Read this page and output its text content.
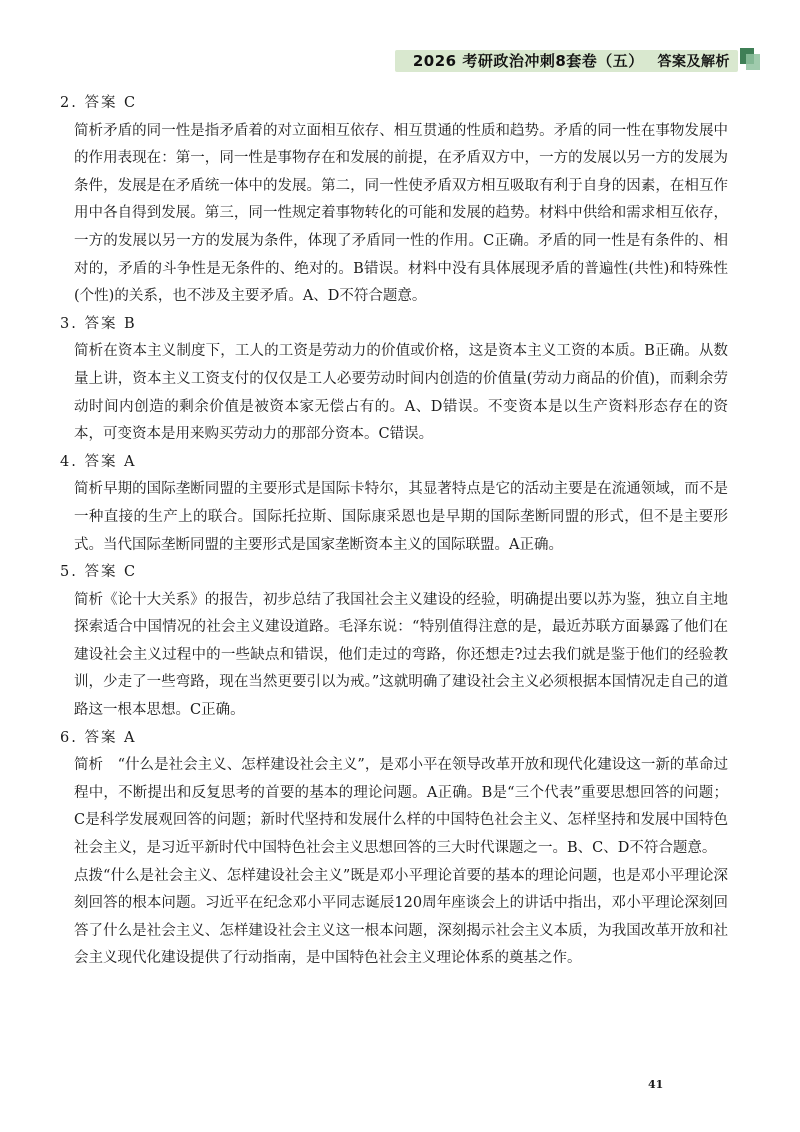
2026 考研政治冲刺8套卷（五） 答案及解析

2. 答案 C

简析矛盾的同一性是指矛盾着的对立面相互依存、相互贯通的性质和趋势。矛盾的同一性在事物发展中的作用表现在：第一，同一性是事物存在和发展的前提，在矛盾双方中，一方的发展以另一方的发展为条件，发展是在矛盾统一体中的发展。第二，同一性使矛盾双方相互吸取有利于自身的因素，在相互作用中各自得到发展。第三，同一性规定着事物转化的可能和发展的趋势。材料中供给和需求相互依存，一方的发展以另一方的发展为条件，体现了矛盾同一性的作用。C正确。矛盾的同一性是有条件的、相对的，矛盾的斗争性是无条件的、绝对的。B错误。材料中没有具体展现矛盾的普遍性(共性)和特殊性(个性)的关系，也不涉及主要矛盾。A、D不符合题意。

3. 答案 B

简析在资本主义制度下，工人的工资是劳动力的价值或价格，这是资本主义工资的本质。B正确。从数量上讲，资本主义工资支付的仅仅是工人必要劳动时间内创造的价值量(劳动力商品的价值)，而剩余劳动时间内创造的剩余价值是被资本家无偿占有的。A、D错误。不变资本是以生产资料形态存在的资本，可变资本是用来购买劳动力的那部分资本。C错误。

4. 答案 A

简析早期的国际垄断同盟的主要形式是国际卡特尔，其显著特点是它的活动主要是在流通领域，而不是一种直接的生产上的联合。国际托拉斯、国际康采恩也是早期的国际垄断同盟的形式，但不是主要形式。当代国际垄断同盟的主要形式是国家垄断资本主义的国际联盟。A正确。

5. 答案 C

简析《论十大关系》的报告，初步总结了我国社会主义建设的经验，明确提出要以苏为鉴，独立自主地探索适合中国情况的社会主义建设道路。毛泽东说：“特别值得注意的是，最近苏联方面暴露了他们在建设社会主义过程中的一些缺点和错误，他们走过的弯路，你还想走?过去我们就是鉴于他们的经验教训，少走了一些弯路，现在当然更要引以为戒。”这就明确了建设社会主义必须根据本国情况走自己的道路这一根本思想。C正确。

6. 答案 A

简析　“什么是社会主义、怎样建设社会主义”，是邓小平在领导改革开放和现代化建设这一新的革命过程中，不断提出和反复思考的首要的基本的理论问题。A正确。B是“三个代表”重要思想回答的问题；C是科学发展观回答的问题；新时代坚持和发展什么样的中国特色社会主义、怎样坚持和发展中国特色社会主义，是习近平新时代中国特色社会主义思想回答的三大时代课题之一。B、C、D不符合题意。

点拨“什么是社会主义、怎样建设社会主义”既是邓小平理论首要的基本的理论问题，也是邓小平理论深刻回答的根本问题。习近平在纪念邓小平同志诞辰120周年座谈会上的讲话中指出，邓小平理论深刻回答了什么是社会主义、怎样建设社会主义这一根本问题，深刻揭示社会主义本质，为我国改革开放和社会主义现代化建设提供了行动指南，是中国特色社会主义理论体系的奠基之作。

41
